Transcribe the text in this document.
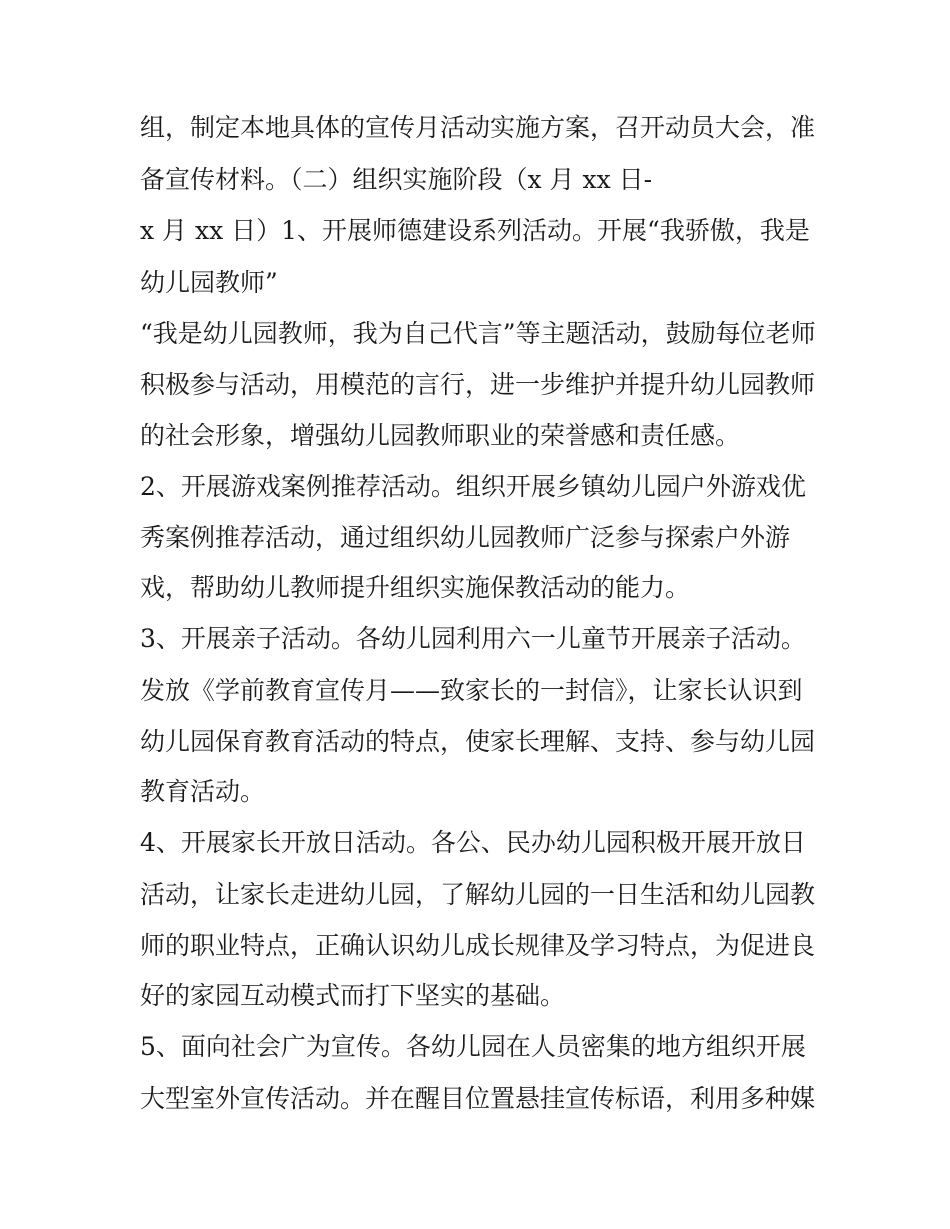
组，制定本地具体的宣传月活动实施方案，召开动员大会，准
备宣传材料。（二）组织实施阶段（x 月 xx 日-
x 月 xx 日）1、开展师德建设系列活动。开展“我骄傲，我是
幼儿园教师”
“我是幼儿园教师，我为自己代言”等主题活动，鼓励每位老师
积极参与活动，用模范的言行，进一步维护并提升幼儿园教师
的社会形象，增强幼儿园教师职业的荣誉感和责任感。
2、开展游戏案例推荐活动。组织开展乡镇幼儿园户外游戏优
秀案例推荐活动，通过组织幼儿园教师广泛参与探索户外游
戏，帮助幼儿教师提升组织实施保教活动的能力。
3、开展亲子活动。各幼儿园利用六一儿童节开展亲子活动。
发放《学前教育宣传月——致家长的一封信》，让家长认识到
幼儿园保育教育活动的特点，使家长理解、支持、参与幼儿园
教育活动。
4、开展家长开放日活动。各公、民办幼儿园积极开展开放日
活动，让家长走进幼儿园，了解幼儿园的一日生活和幼儿园教
师的职业特点，正确认识幼儿成长规律及学习特点，为促进良
好的家园互动模式而打下坚实的基础。
5、面向社会广为宣传。各幼儿园在人员密集的地方组织开展
大型室外宣传活动。并在醒目位置悬挂宣传标语，利用多种媒
